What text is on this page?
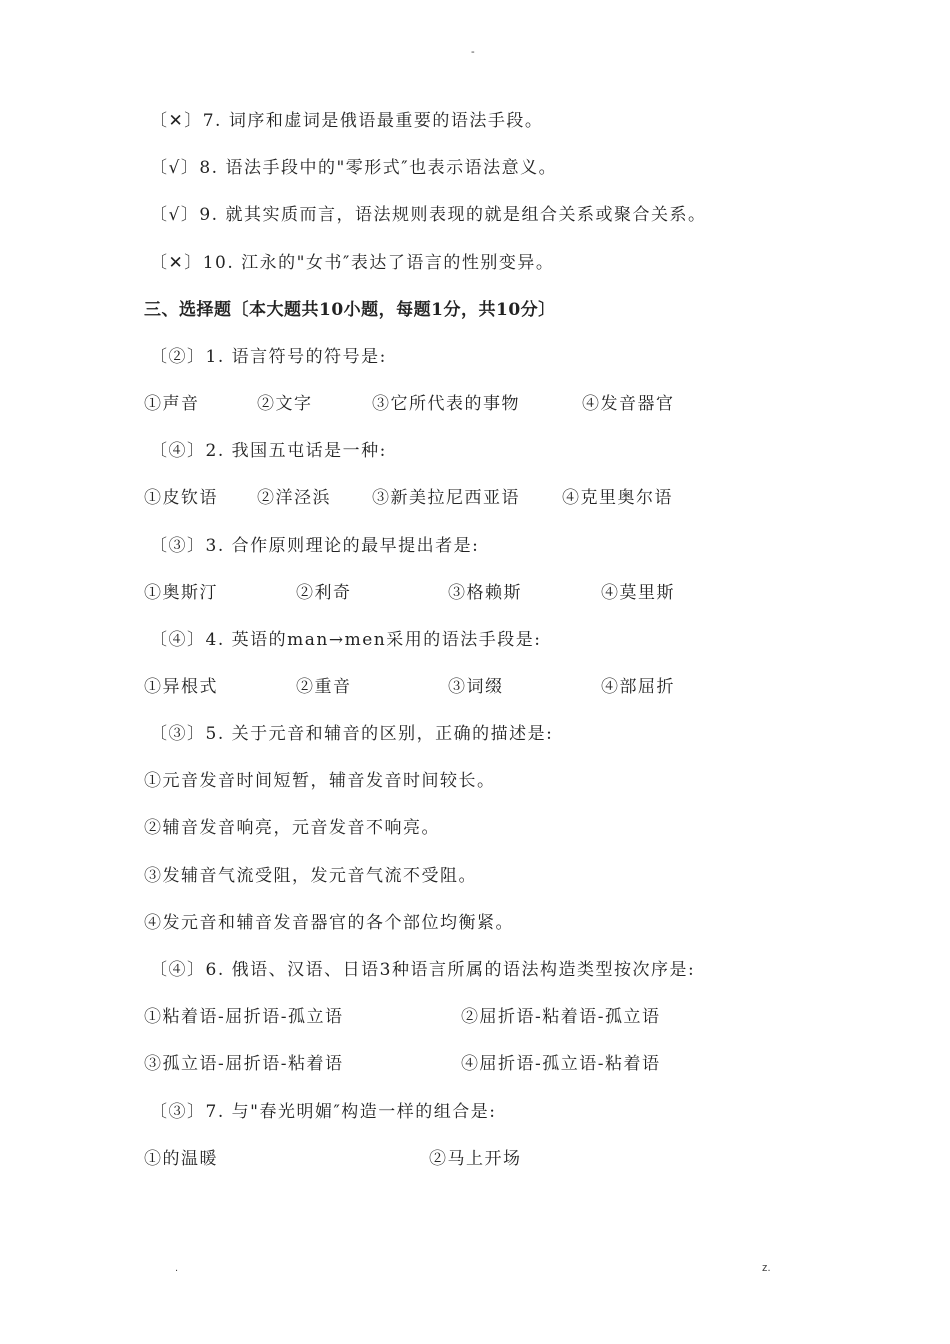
-
〔✕〕7. 词序和虚词是俄语最重要的语法手段。
〔√〕8. 语法手段中的"零形式″也表示语法意义。
〔√〕9. 就其实质而言，语法规则表现的就是组合关系或聚合关系。
〔✕〕10. 江永的"女书″表达了语言的性别变异。
三、选择题〔本大题共10小题，每题1分，共10分〕
〔②〕1. 语言符号的符号是:
①声音	②文字	③它所代表的事物	④发音器官
〔④〕2. 我国五屯话是一种:
①皮钦语 ②洋泾浜 ③新美拉尼西亚语 ④克里奥尔语
〔③〕3. 合作原则理论的最早提出者是:
①奥斯汀	②利奇	③格赖斯	④莫里斯
〔④〕4. 英语的man→men采用的语法手段是:
①异根式	②重音	③词缀	④部屈折
〔③〕5. 关于元音和辅音的区别，正确的描述是:
①元音发音时间短暂，辅音发音时间较长。
②辅音发音响亮，元音发音不响亮。
③发辅音气流受阻，发元音气流不受阻。
④发元音和辅音发音器官的各个部位均衡紧。
〔④〕6. 俄语、汉语、日语3种语言所属的语法构造类型按次序是:
①粘着语-屈折语-孤立语	②屈折语-粘着语-孤立语
③孤立语-屈折语-粘着语	④屈折语-孤立语-粘着语
〔③〕7. 与"春光明媚″构造一样的组合是:
①的温暖	②马上开场
.	z.
